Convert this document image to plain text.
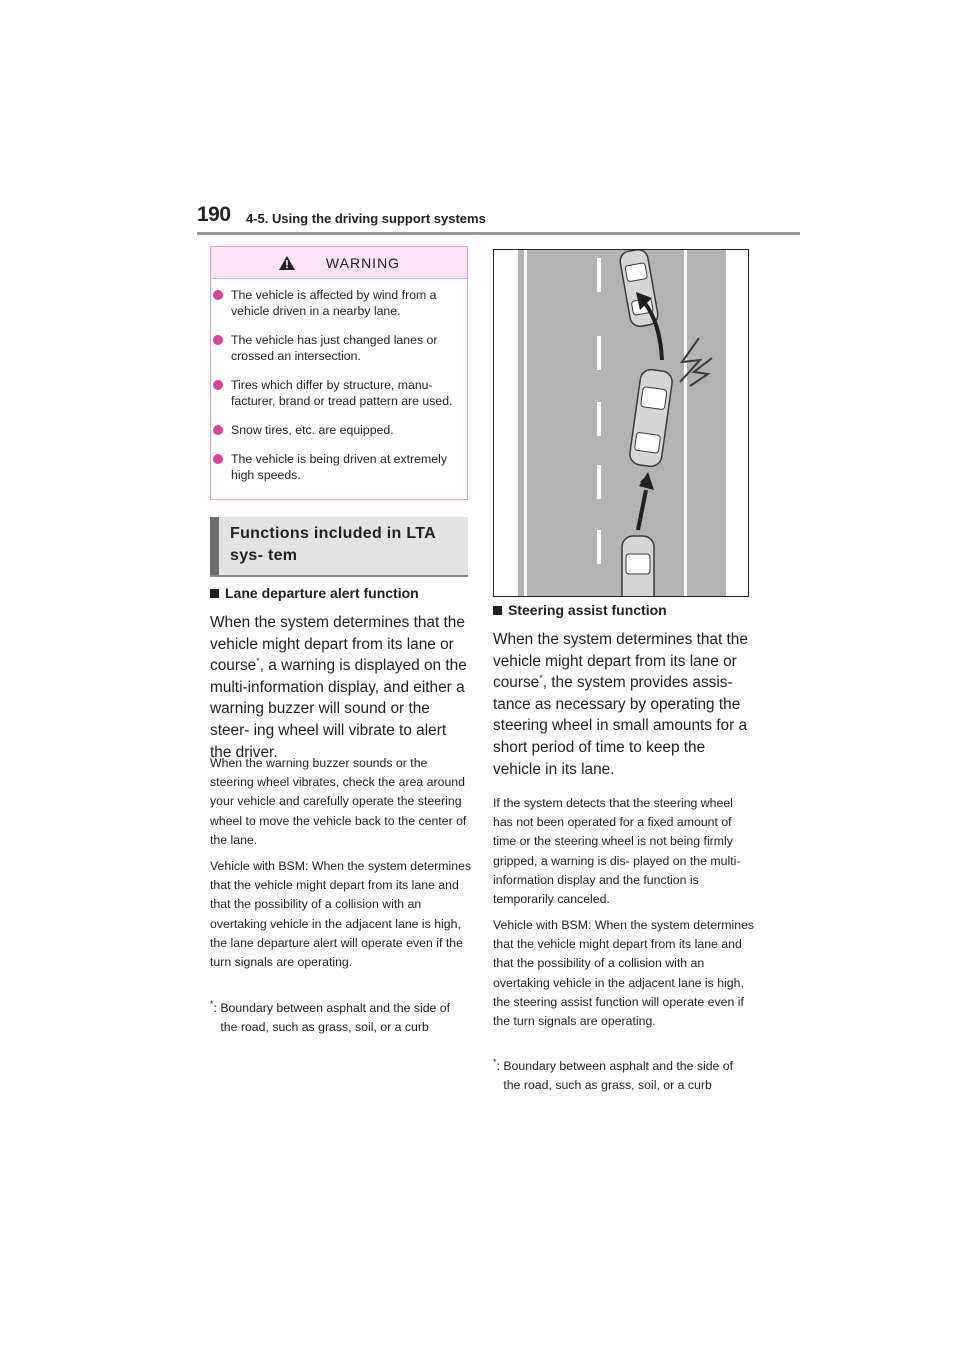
190 4-5. Using the driving support systems
WARNING
The vehicle is affected by wind from a vehicle driven in a nearby lane.
The vehicle has just changed lanes or crossed an intersection.
Tires which differ by structure, manu- facturer, brand or tread pattern are used.
Snow tires, etc. are equipped.
The vehicle is being driven at extremely high speeds.
Functions included in LTA sys- tem
Lane departure alert function
When the system determines that the vehicle might depart from its lane or course*, a warning is displayed on the multi-information display, and either a warning buzzer will sound or the steer- ing wheel will vibrate to alert the driver.
When the warning buzzer sounds or the steering wheel vibrates, check the area around your vehicle and carefully operate the steering wheel to move the vehicle back to the center of the lane.
Vehicle with BSM: When the system determines that the vehicle might depart from its lane and that the possibility of a collision with an overtaking vehicle in the adjacent lane is high, the lane departure alert will operate even if the turn signals are operating.
*: Boundary between asphalt and the side of the road, such as grass, soil, or a curb
Steering assist function
When the system determines that the vehicle might depart from its lane or course*, the system provides assis- tance as necessary by operating the steering wheel in small amounts for a short period of time to keep the vehicle in its lane.
If the system detects that the steering wheel has not been operated for a fixed amount of time or the steering wheel is not being firmly gripped, a warning is dis- played on the multi-information display and the function is temporarily canceled.
Vehicle with BSM: When the system determines that the vehicle might depart from its lane and that the possibility of a collision with an overtaking vehicle in the adjacent lane is high, the steering assist function will operate even if the turn signals are operating.
*: Boundary between asphalt and the side of the road, such as grass, soil, or a curb
